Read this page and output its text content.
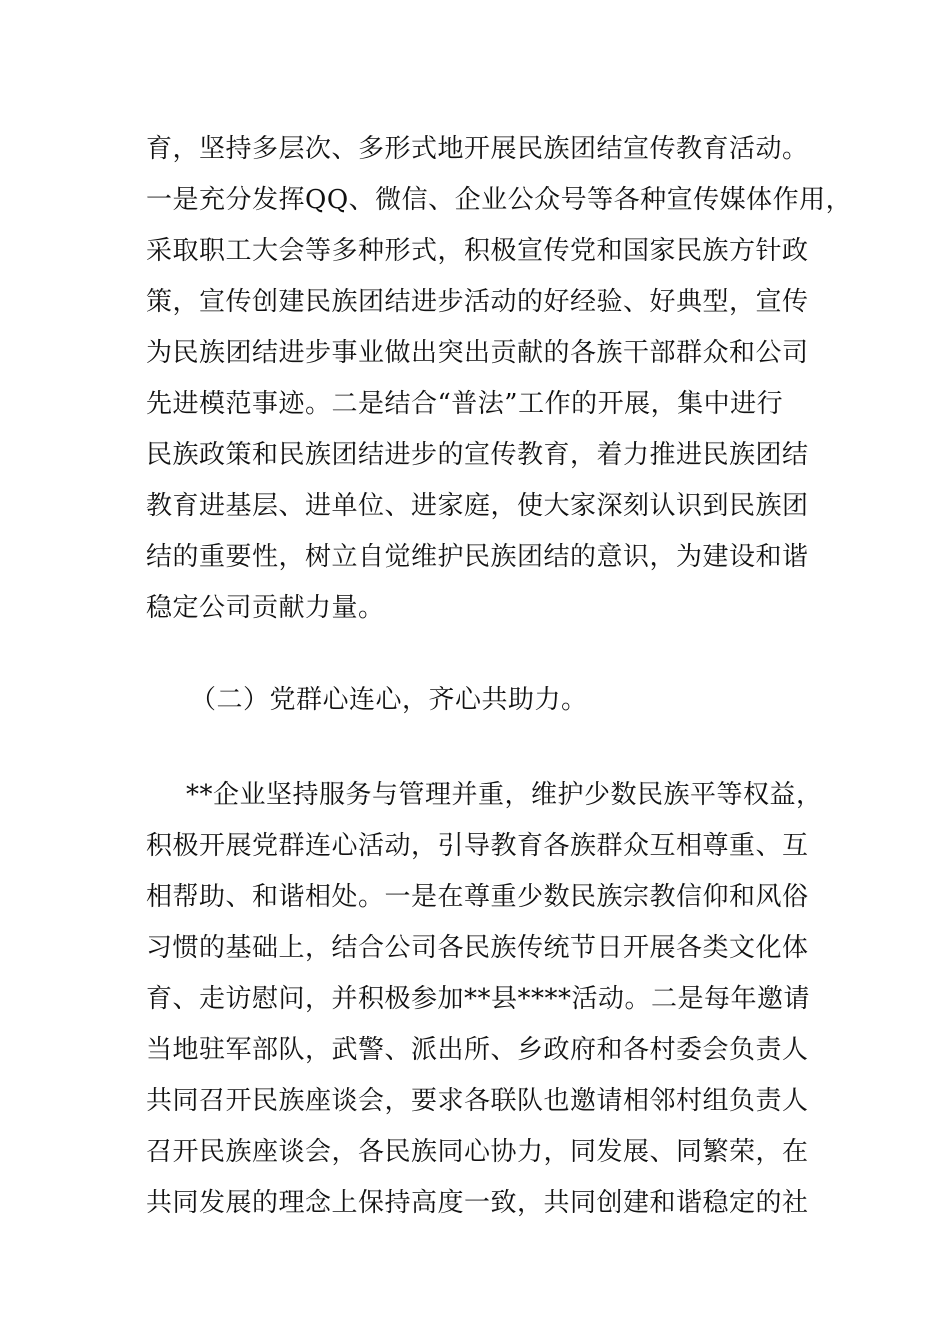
育，坚持多层次、多形式地开展民族团结宣传教育活动。
一是充分发挥QQ、微信、企业公众号等各种宣传媒体作用，
采取职工大会等多种形式，积极宣传党和国家民族方针政
策，宣传创建民族团结进步活动的好经验、好典型，宣传
为民族团结进步事业做出突出贡献的各族干部群众和公司
先进模范事迹。二是结合“普法”工作的开展，集中进行
民族政策和民族团结进步的宣传教育，着力推进民族团结
教育进基层、进单位、进家庭，使大家深刻认识到民族团
结的重要性，树立自觉维护民族团结的意识，为建设和谐
稳定公司贡献力量。
（二）党群心连心，齐心共助力。
**企业坚持服务与管理并重，维护少数民族平等权益，
积极开展党群连心活动，引导教育各族群众互相尊重、互
相帮助、和谐相处。一是在尊重少数民族宗教信仰和风俗
习惯的基础上，结合公司各民族传统节日开展各类文化体
育、走访慰问，并积极参加**县****活动。二是每年邀请
当地驻军部队，武警、派出所、乡政府和各村委会负责人
共同召开民族座谈会，要求各联队也邀请相邻村组负责人
召开民族座谈会，各民族同心协力，同发展、同繁荣，在
共同发展的理念上保持高度一致，共同创建和谐稳定的社
